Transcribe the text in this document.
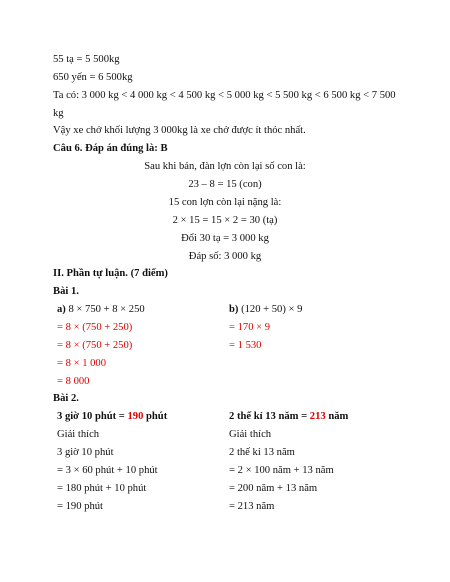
55 tạ = 5 500kg
650 yến = 6 500kg
Ta có: 3 000 kg < 4 000 kg < 4 500 kg < 5 000 kg < 5 500 kg < 6 500 kg < 7 500
kg
Vậy xe chở khối lượng 3 000kg là xe chở được ít thóc nhất.
Câu 6. Đáp án đúng là: B
Sau khi bán, đàn lợn còn lại số con là:
23 – 8 = 15 (con)
15 con lợn còn lại nặng là:
2 × 15 = 15 × 2 = 30 (tạ)
Đổi 30 tạ = 3 000 kg
Đáp số: 3 000 kg
II. Phần tự luận. (7 điểm)
Bài 1.
a) 8 × 750 + 8 × 250
= 8 × (750 + 250)
= 8 × (750 + 250)
= 8 × 1 000
= 8 000
b) (120 + 50) × 9
= 170 × 9
= 1 530
Bài 2.
3 giờ 10 phút = 190 phút
Giải thích
3 giờ 10 phút
= 3 × 60 phút + 10 phút
= 180 phút + 10 phút
= 190 phút
2 thế kỉ 13 năm = 213 năm
Giải thích
2 thế kỉ 13 năm
= 2 × 100 năm + 13 năm
= 200 năm + 13 năm
= 213 năm
